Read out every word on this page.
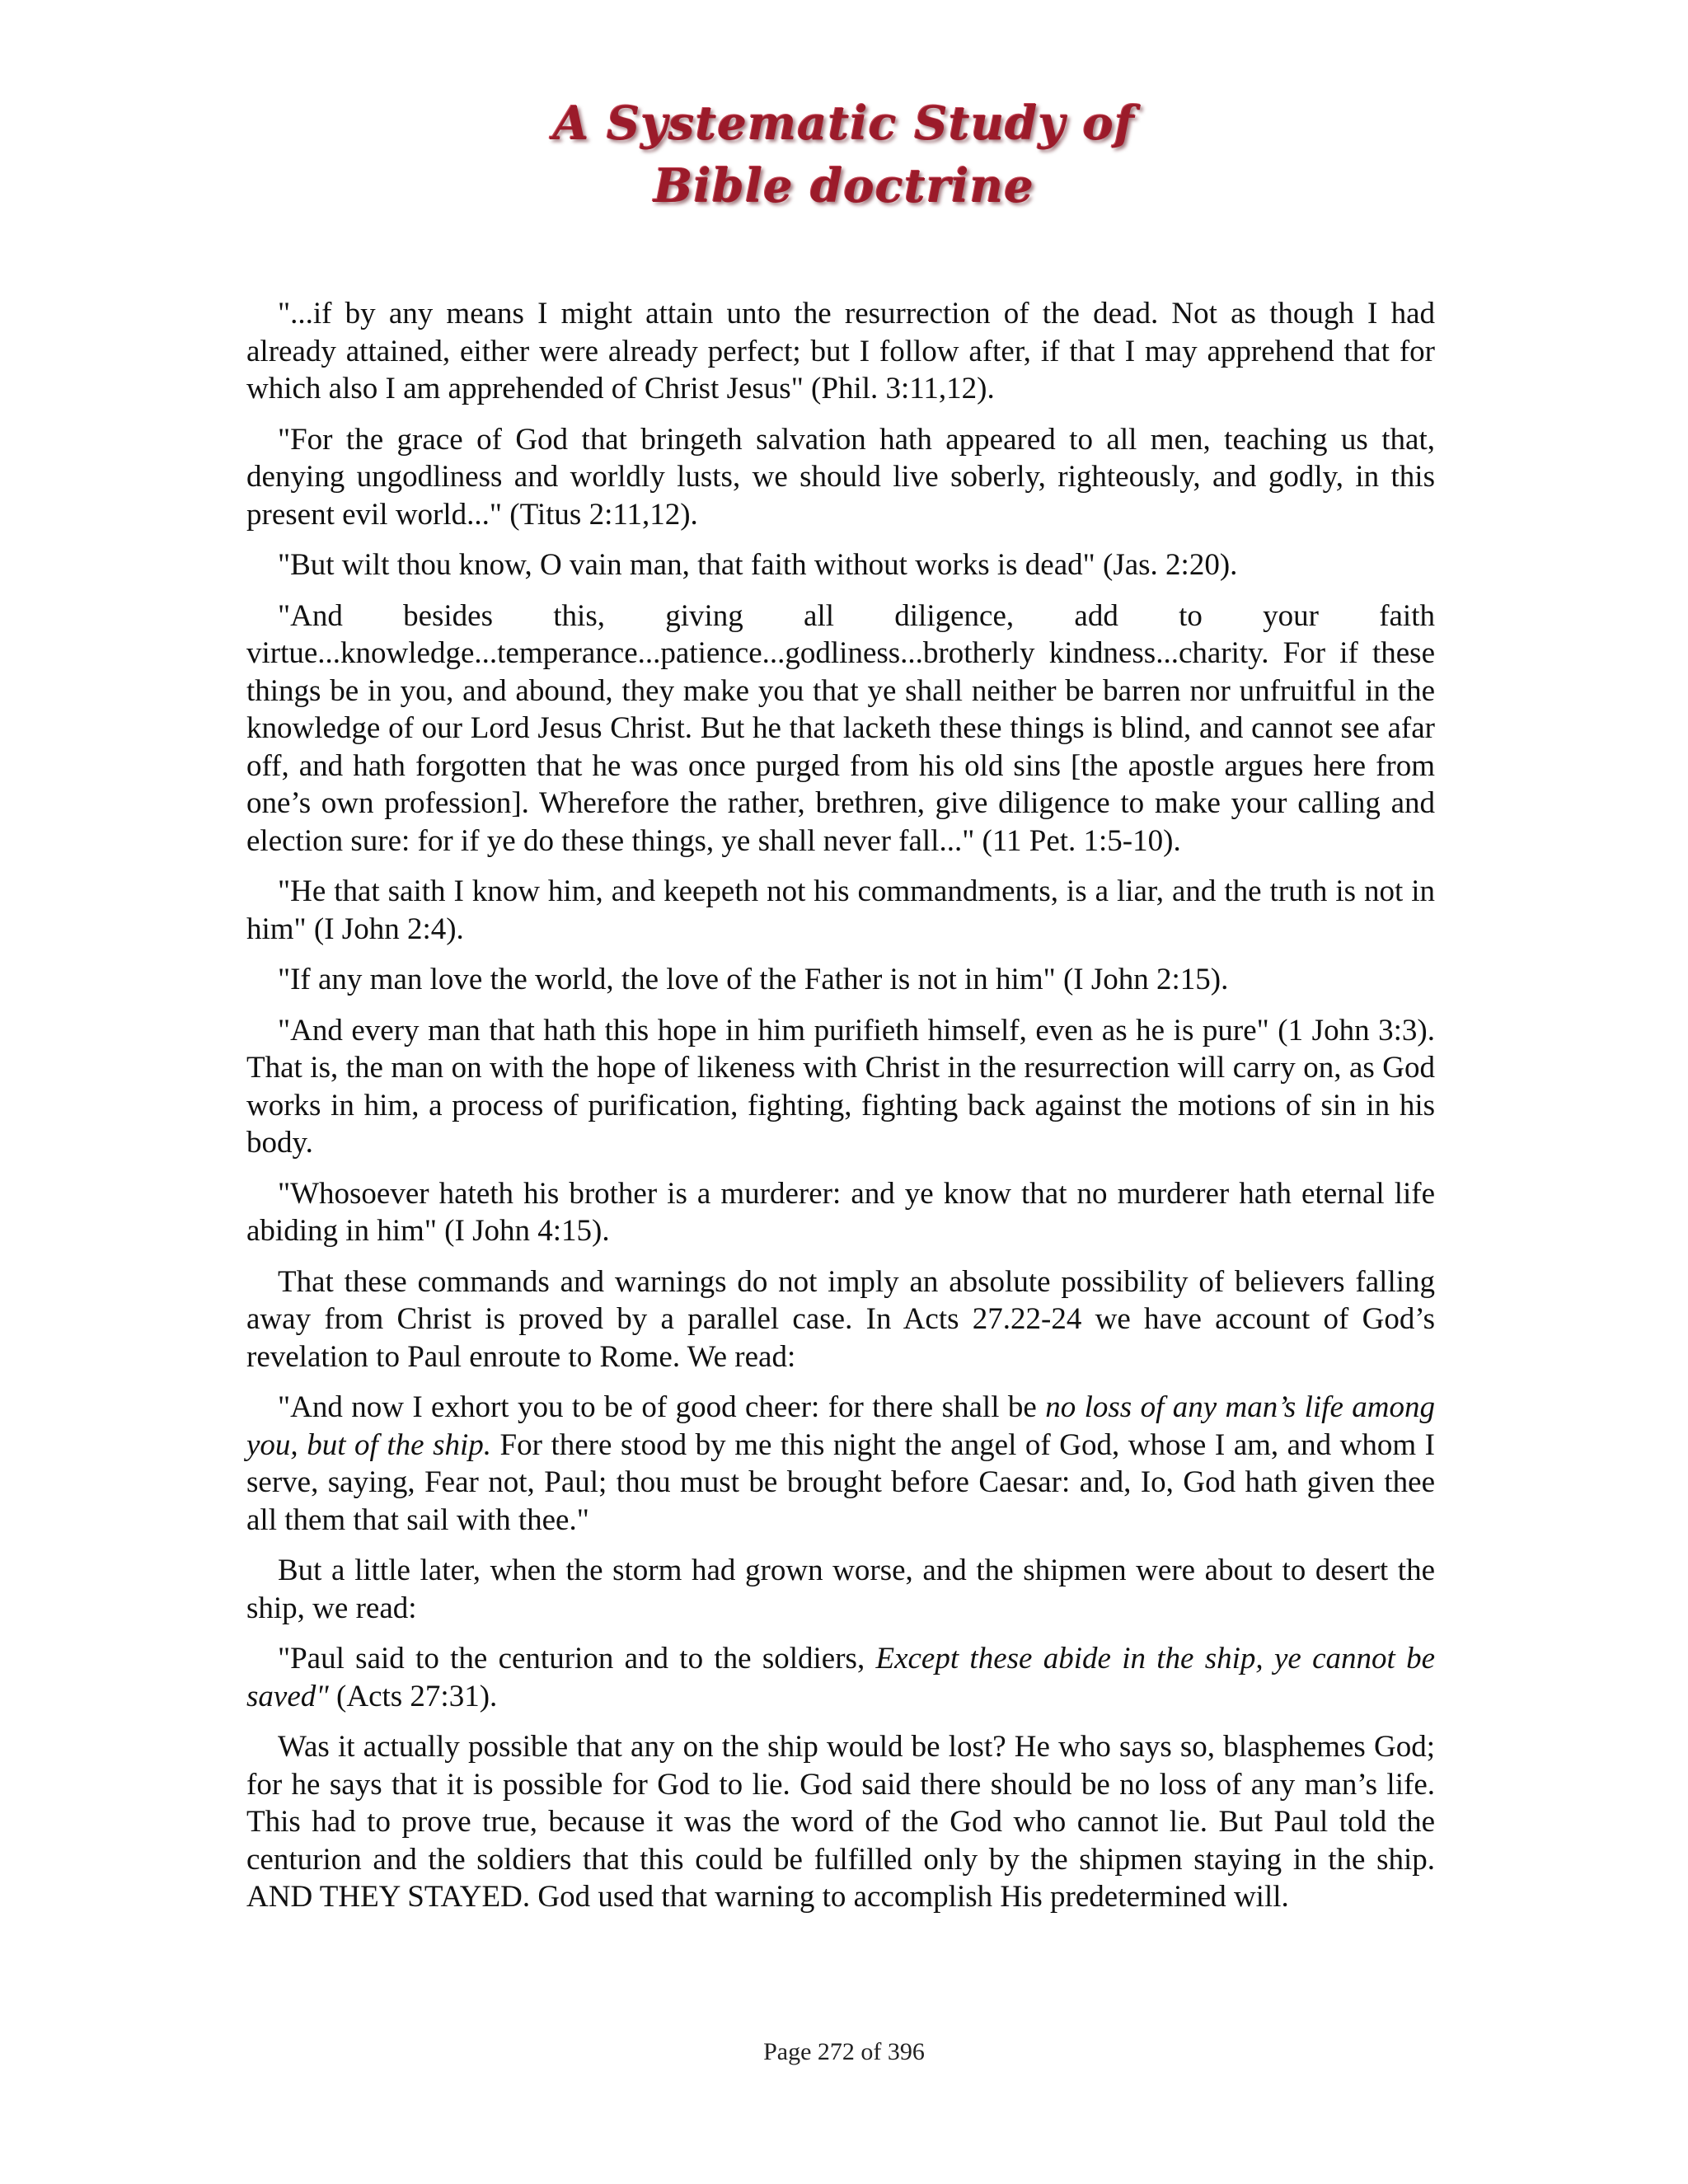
A Systematic Study of
Bible doctrine

"...if by any means I might attain unto the resurrection of the dead. Not as though I had already attained, either were already perfect; but I follow after, if that I may apprehend that for which also I am apprehended of Christ Jesus" (Phil. 3:11,12).

"For the grace of God that bringeth salvation hath appeared to all men, teaching us that, denying ungodliness and worldly lusts, we should live soberly, righteously, and godly, in this present evil world..." (Titus 2:11,12).

"But wilt thou know, O vain man, that faith without works is dead" (Jas. 2:20).

"And besides this, giving all diligence, add to your faith virtue...knowledge...temperance...patience...godliness...brotherly kindness...charity. For if these things be in you, and abound, they make you that ye shall neither be barren nor unfruitful in the knowledge of our Lord Jesus Christ. But he that lacketh these things is blind, and cannot see afar off, and hath forgotten that he was once purged from his old sins [the apostle argues here from one’s own profession]. Wherefore the rather, brethren, give diligence to make your calling and election sure: for if ye do these things, ye shall never fall..." (11 Pet. 1:5-10).

"He that saith I know him, and keepeth not his commandments, is a liar, and the truth is not in him" (I John 2:4).

"If any man love the world, the love of the Father is not in him" (I John 2:15).

"And every man that hath this hope in him purifieth himself, even as he is pure" (1 John 3:3). That is, the man on with the hope of likeness with Christ in the resurrection will carry on, as God works in him, a process of purification, fighting, fighting back against the motions of sin in his body.

"Whosoever hateth his brother is a murderer: and ye know that no murderer hath eternal life abiding in him" (I John 4:15).

That these commands and warnings do not imply an absolute possibility of believers falling away from Christ is proved by a parallel case. In Acts 27.22-24 we have account of God’s revelation to Paul enroute to Rome. We read:

"And now I exhort you to be of good cheer: for there shall be no loss of any man’s life among you, but of the ship. For there stood by me this night the angel of God, whose I am, and whom I serve, saying, Fear not, Paul; thou must be brought before Caesar: and, Io, God hath given thee all them that sail with thee."

But a little later, when the storm had grown worse, and the shipmen were about to desert the ship, we read:

"Paul said to the centurion and to the soldiers, Except these abide in the ship, ye cannot be saved" (Acts 27:31).

Was it actually possible that any on the ship would be lost? He who says so, blasphemes God; for he says that it is possible for God to lie. God said there should be no loss of any man’s life. This had to prove true, because it was the word of the God who cannot lie. But Paul told the centurion and the soldiers that this could be fulfilled only by the shipmen staying in the ship. AND THEY STAYED. God used that warning to accomplish His predetermined will.

Page 272 of 396
